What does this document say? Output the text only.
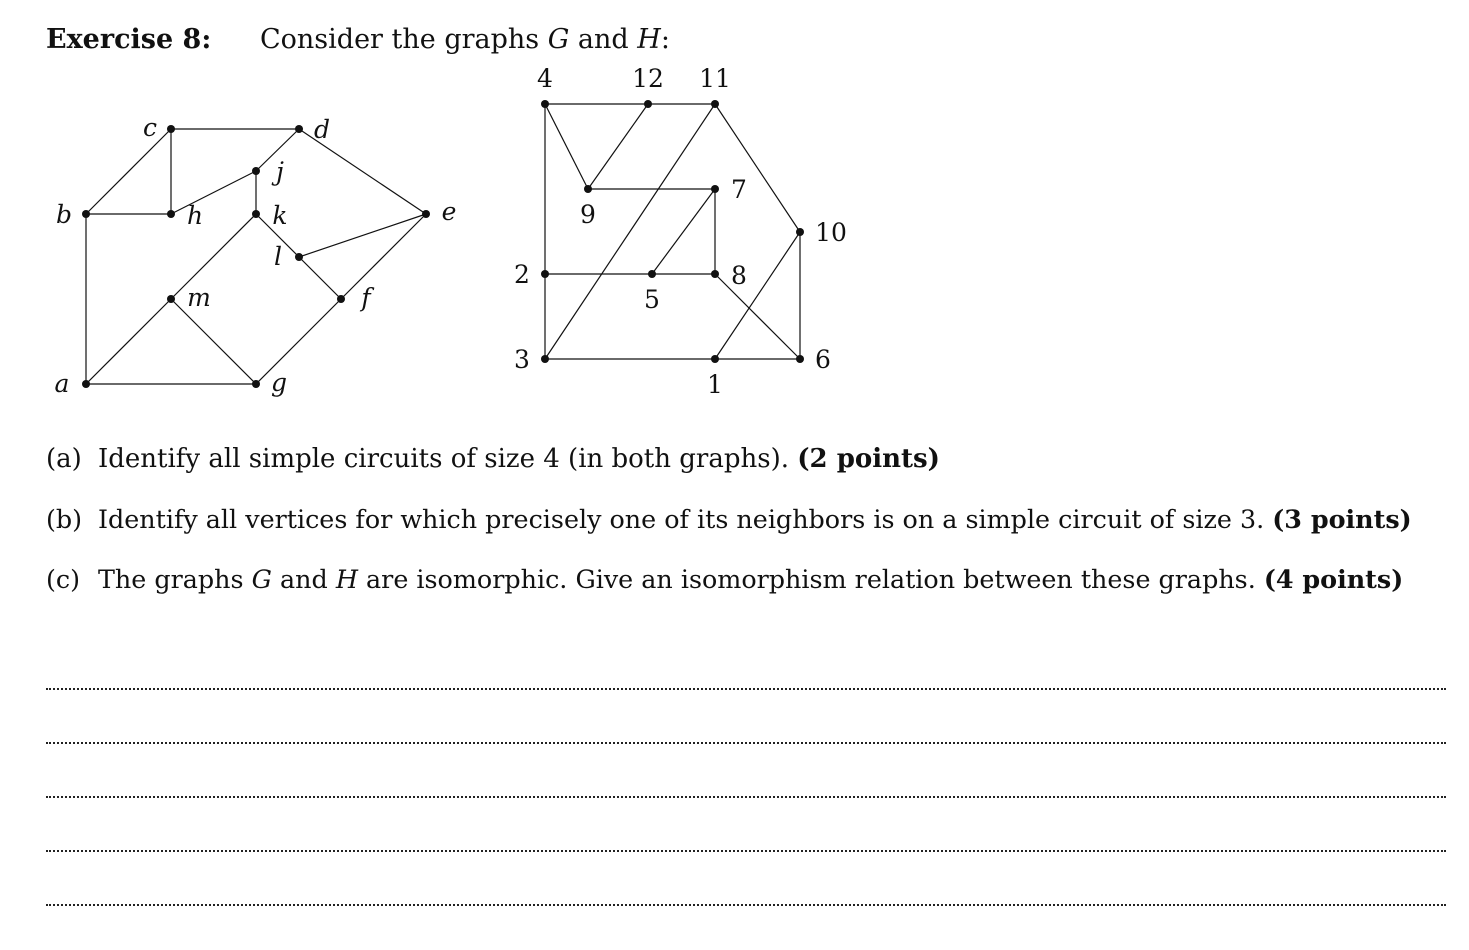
Exercise 8: Consider the graphs G and H:
a
b
c	d
e
f
g
h
j
k
l
m
1
2
3
4
5
6
7
8
9
10
11
12
(a) Identify all simple circuits of size 4 (in both graphs). (2 points)
(b) Identify all vertices for which precisely one of its neighbors is on a simple circuit of size 3. (3 points)
(c) The graphs G and H are isomorphic. Give an isomorphism relation between these graphs. (4 points)
